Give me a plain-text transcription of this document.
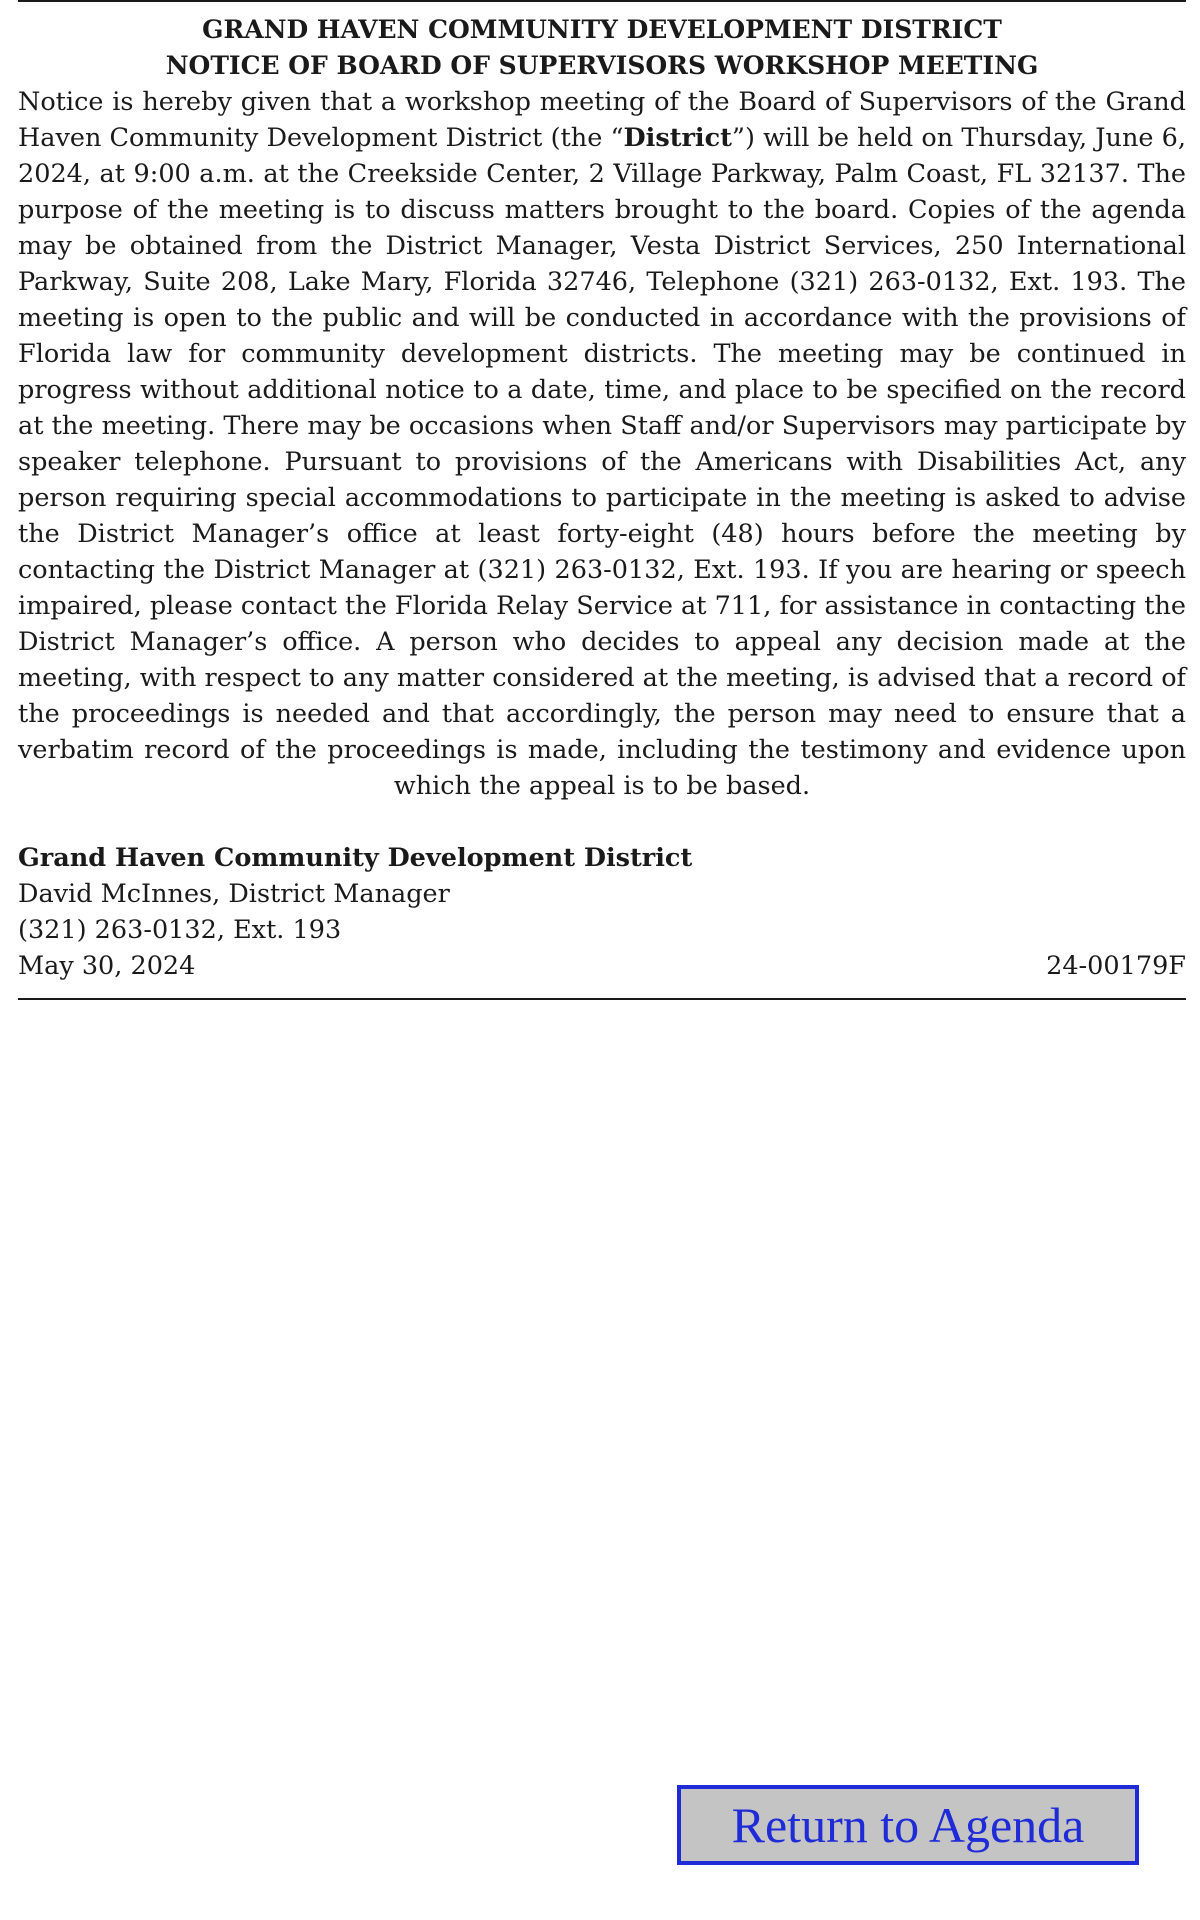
GRAND HAVEN COMMUNITY DEVELOPMENT DISTRICT
NOTICE OF BOARD OF SUPERVISORS WORKSHOP MEETING

Notice is hereby given that a workshop meeting of the Board of Supervisors of the Grand Haven Community Development District (the “District”) will be held on Thursday, June 6, 2024, at 9:00 a.m. at the Creekside Center, 2 Village Parkway, Palm Coast, FL 32137. The purpose of the meeting is to discuss matters brought to the board. Copies of the agenda may be obtained from the District Manager, Vesta District Services, 250 International Parkway, Suite 208, Lake Mary, Florida 32746, Telephone (321) 263-0132, Ext. 193. The meeting is open to the public and will be conducted in accordance with the provisions of Florida law for community development districts. The meeting may be continued in progress without additional notice to a date, time, and place to be specified on the record at the meeting. There may be occasions when Staff and/or Supervisors may participate by speaker telephone. Pursuant to provisions of the Americans with Disabilities Act, any person requiring special accommodations to participate in the meeting is asked to advise the District Manager’s office at least forty-eight (48) hours before the meeting by contacting the District Manager at (321) 263-0132, Ext. 193. If you are hearing or speech impaired, please contact the Florida Relay Service at 711, for assistance in contacting the District Manager’s office. A person who decides to appeal any decision made at the meeting, with respect to any matter considered at the meeting, is advised that a record of the proceedings is needed and that accordingly, the person may need to ensure that a verbatim record of the proceedings is made, including the testimony and evidence upon which the appeal is to be based.

Grand Haven Community Development District
David McInnes, District Manager
(321) 263-0132, Ext. 193
May 30, 2024	24-00179F
Return to Agenda
